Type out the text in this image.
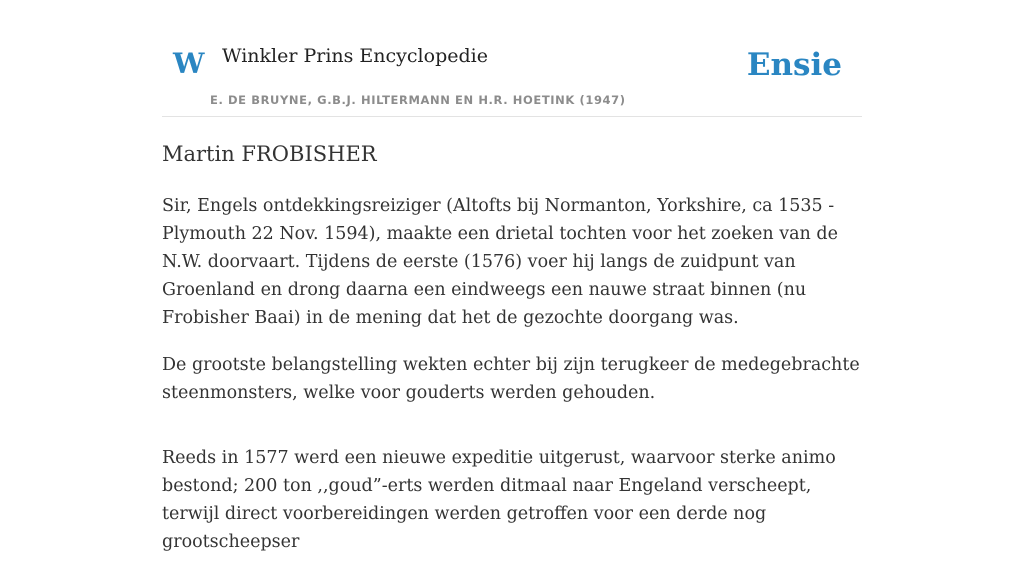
W Winkler Prins Encyclopedie
E. DE BRUYNE, G.B.J. HILTERMANN EN H.R. HOETINK (1947)
Ensie
Martin FROBISHER

Sir, Engels ontdekkingsreiziger (Altofts bij Normanton, Yorkshire, ca 1535 - Plymouth 22 Nov. 1594), maakte een drietal tochten voor het zoeken van de N.W. doorvaart. Tijdens de eerste (1576) voer hij langs de zuidpunt van Groenland en drong daarna een eindweegs een nauwe straat binnen (nu Frobisher Baai) in de mening dat het de gezochte doorgang was.

De grootste belangstelling wekten echter bij zijn terugkeer de medegebrachte steenmonsters, welke voor gouderts werden gehouden.

Reeds in 1577 werd een nieuwe expeditie uitgerust, waarvoor sterke animo bestond; 200 ton ,,goud”-erts werden ditmaal naar Engeland verscheept, terwijl direct voorbereidingen werden getroffen voor een derde nog grootscheepser
